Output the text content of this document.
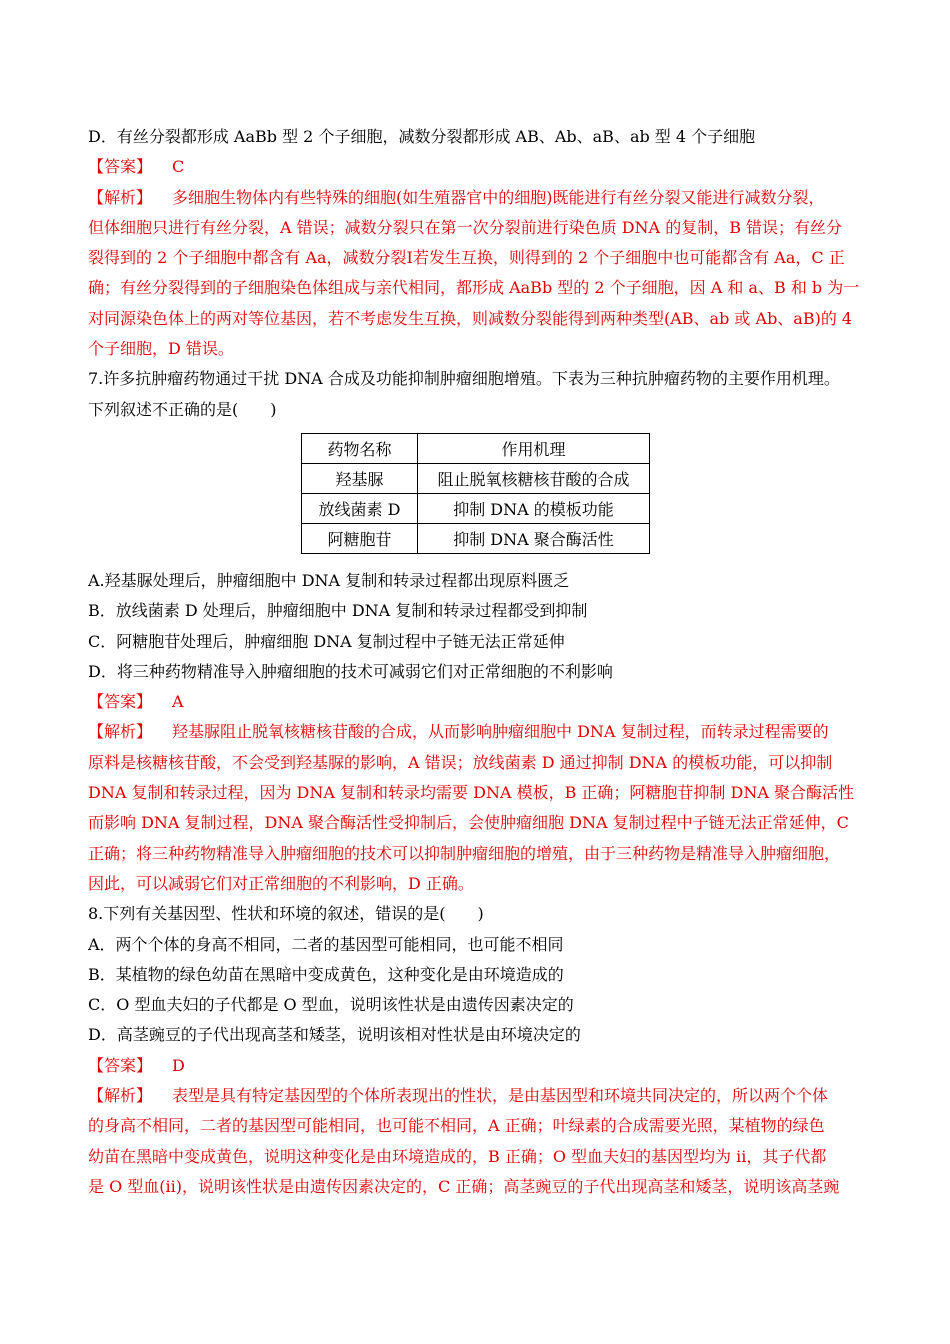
D．有丝分裂都形成 AaBb 型 2 个子细胞，减数分裂都形成 AB、Ab、aB、ab 型 4 个子细胞
【答案】 C
【解析】 多细胞生物体内有些特殊的细胞(如生殖器官中的细胞)既能进行有丝分裂又能进行减数分裂，
但体细胞只进行有丝分裂，A 错误；减数分裂只在第一次分裂前进行染色质 DNA 的复制，B 错误；有丝分
裂得到的 2 个子细胞中都含有 Aa，减数分裂Ⅰ若发生互换，则得到的 2 个子细胞中也可能都含有 Aa，C 正
确；有丝分裂得到的子细胞染色体组成与亲代相同，都形成 AaBb 型的 2 个子细胞，因 A 和 a、B 和 b 为一
对同源染色体上的两对等位基因，若不考虑发生互换，则减数分裂能得到两种类型(AB、ab 或 Ab、aB)的 4
个子细胞，D 错误。
7.许多抗肿瘤药物通过干扰 DNA 合成及功能抑制肿瘤细胞增殖。下表为三种抗肿瘤药物的主要作用机理。
下列叙述不正确的是(　　)
药物名称	作用机理
羟基脲	阻止脱氧核糖核苷酸的合成
放线菌素 D	抑制 DNA 的模板功能
阿糖胞苷	抑制 DNA 聚合酶活性
A.羟基脲处理后，肿瘤细胞中 DNA 复制和转录过程都出现原料匮乏
B．放线菌素 D 处理后，肿瘤细胞中 DNA 复制和转录过程都受到抑制
C．阿糖胞苷处理后，肿瘤细胞 DNA 复制过程中子链无法正常延伸
D．将三种药物精准导入肿瘤细胞的技术可减弱它们对正常细胞的不利影响
【答案】 A
【解析】 羟基脲阻止脱氧核糖核苷酸的合成，从而影响肿瘤细胞中 DNA 复制过程，而转录过程需要的
原料是核糖核苷酸，不会受到羟基脲的影响，A 错误；放线菌素 D 通过抑制 DNA 的模板功能，可以抑制
DNA 复制和转录过程，因为 DNA 复制和转录均需要 DNA 模板，B 正确；阿糖胞苷抑制 DNA 聚合酶活性
而影响 DNA 复制过程，DNA 聚合酶活性受抑制后，会使肿瘤细胞 DNA 复制过程中子链无法正常延伸，C
正确；将三种药物精准导入肿瘤细胞的技术可以抑制肿瘤细胞的增殖，由于三种药物是精准导入肿瘤细胞，
因此，可以减弱它们对正常细胞的不利影响，D 正确。
8.下列有关基因型、性状和环境的叙述，错误的是(　　)
A．两个个体的身高不相同，二者的基因型可能相同，也可能不相同
B．某植物的绿色幼苗在黑暗中变成黄色，这种变化是由环境造成的
C．O 型血夫妇的子代都是 O 型血，说明该性状是由遗传因素决定的
D．高茎豌豆的子代出现高茎和矮茎，说明该相对性状是由环境决定的
【答案】 D
【解析】 表型是具有特定基因型的个体所表现出的性状，是由基因型和环境共同决定的，所以两个个体
的身高不相同，二者的基因型可能相同，也可能不相同，A 正确；叶绿素的合成需要光照，某植物的绿色
幼苗在黑暗中变成黄色，说明这种变化是由环境造成的，B 正确；O 型血夫妇的基因型均为 ii，其子代都
是 O 型血(ii)，说明该性状是由遗传因素决定的，C 正确；高茎豌豆的子代出现高茎和矮茎，说明该高茎豌
